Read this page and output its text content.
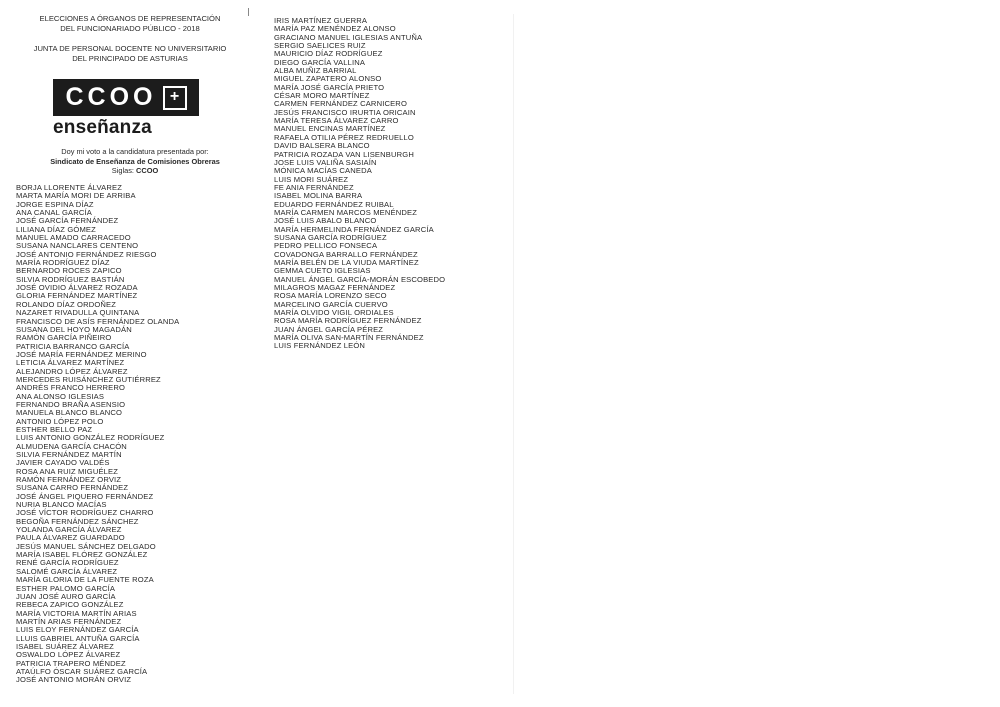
ELECCIONES A ÓRGANOS DE REPRESENTACIÓN
DEL FUNCIONARIADO PÚBLICO - 2018
JUNTA DE PERSONAL DOCENTE NO UNIVERSITARIO
DEL PRINCIPADO DE ASTURIAS
CCOO +
enseñanza
Doy mi voto a la candidatura presentada por:
Sindicato de Enseñanza de Comisiones Obreras
Siglas: CCOO
BORJA LLORENTE ÁLVAREZ
MARTA MARÍA MORI DE ARRIBA
JORGE ESPINA DÍAZ
ANA CANAL GARCÍA
JOSÉ GARCÍA FERNÁNDEZ
LILIANA DÍAZ GÓMEZ
MANUEL AMADO CARRACEDO
SUSANA NANCLARES CENTENO
JOSÉ ANTONIO FERNÁNDEZ RIESGO
MARÍA RODRÍGUEZ DÍAZ
BERNARDO ROCES ZAPICO
SILVIA RODRÍGUEZ BASTIÁN
JOSÉ OVIDIO ÁLVAREZ ROZADA
GLORIA FERNÁNDEZ MARTÍNEZ
ROLANDO DÍAZ ORDOÑEZ
NAZARET RIVADULLA QUINTANA
FRANCISCO DE ASÍS FERNÁNDEZ OLANDA
SUSANA DEL HOYO MAGADÁN
RAMÓN GARCÍA PIÑEIRO
PATRICIA BARRANCO GARCÍA
JOSÉ MARÍA FERNÁNDEZ MERINO
LETICIA ÁLVAREZ MARTÍNEZ
ALEJANDRO LÓPEZ ÁLVAREZ
MERCEDES RUISÁNCHEZ GUTIÉRREZ
ANDRÉS FRANCO HERRERO
ANA ALONSO IGLESIAS
FERNANDO BRAÑA ASENSIO
MANUELA BLANCO BLANCO
ANTONIO LÓPEZ POLO
ESTHER BELLO PAZ
LUIS ANTONIO GONZÁLEZ RODRÍGUEZ
ALMUDENA GARCÍA CHACÓN
SILVIA FERNÁNDEZ MARTÍN
JAVIER CAYADO VALDÉS
ROSA ANA RUIZ MIGUÉLEZ
RAMÓN FERNÁNDEZ ORVIZ
SUSANA CARRO FERNÁNDEZ
JOSÉ ÁNGEL PIQUERO FERNÁNDEZ
NURIA BLANCO MACÍAS
JOSÉ VÍCTOR RODRÍGUEZ CHARRO
BEGOÑA FERNÁNDEZ SÁNCHEZ
YOLANDA GARCÍA ÁLVAREZ
PAULA ÁLVAREZ GUARDADO
JESÚS MANUEL SÁNCHEZ DELGADO
MARÍA ISABEL FLÓREZ GONZÁLEZ
RENÉ GARCÍA RODRÍGUEZ
SALOMÉ GARCÍA ÁLVAREZ
MARÍA GLORIA DE LA FUENTE ROZA
ESTHER PALOMO GARCÍA
JUAN JOSÉ AURO GARCÍA
REBECA ZAPICO GONZÁLEZ
MARÍA VICTORIA MARTÍN ARIAS
MARTÍN ARIAS FERNÁNDEZ
LUIS ELOY FERNÁNDEZ GARCÍA
LLUIS GABRIEL ANTUÑA GARCÍA
ISABEL SUÁREZ ÁLVAREZ
OSWALDO LÓPEZ ÁLVAREZ
PATRICIA TRAPERO MÉNDEZ
ATAÚLFO ÓSCAR SUÁREZ GARCÍA
JOSÉ ANTONIO MORÁN ORVIZ
IRIS MARTÍNEZ GUERRA
MARÍA PAZ MENÉNDEZ ALONSO
GRACIANO MANUEL IGLESIAS ANTUÑA
SERGIO SAELICES RUIZ
MAURICIO DÍAZ RODRÍGUEZ
DIEGO GARCÍA VALLINA
ALBA MUÑIZ BARRIAL
MIGUEL ZAPATERO ALONSO
MARÍA JOSÉ GARCÍA PRIETO
CÉSAR MORO MARTÍNEZ
CARMEN FERNÁNDEZ CARNICERO
JESÚS FRANCISCO IRURTIA ORICAIN
MARÍA TERESA ÁLVAREZ CARRO
MANUEL ENCINAS MARTÍNEZ
RAFAELA OTILIA PÉREZ REDRUELLO
DAVID BALSERA BLANCO
PATRICIA ROZADA VAN LISENBURGH
JOSE LUIS VALIÑA SASIAÍN
MÓNICA MACÍAS CANEDA
LUIS MORI SUÁREZ
FE ANIA FERNÁNDEZ
ISABEL MOLINA BARRA
EDUARDO FERNÁNDEZ RUIBAL
MARÍA CARMEN MARCOS MENÉNDEZ
JOSÉ LUIS ABALO BLANCO
MARÍA HERMELINDA FERNÁNDEZ GARCÍA
SUSANA GARCÍA RODRÍGUEZ
PEDRO PELLICO FONSECA
COVADONGA BARRALLO FERNÁNDEZ
MARÍA BELÉN DE LA VIUDA MARTÍNEZ
GEMMA CUETO IGLESIAS
MANUEL ÁNGEL GARCÍA-MORÁN ESCOBEDO
MILAGROS MAGAZ FERNÁNDEZ
ROSA MARÍA LORENZO SECO
MARCELINO GARCÍA CUERVO
MARÍA OLVIDO VIGIL ORDIALES
ROSA MARÍA RODRÍGUEZ FERNÁNDEZ
JUAN ÁNGEL GARCÍA PÉREZ
MARÍA OLIVA SAN-MARTÍN FERNÁNDEZ
LUIS FERNÁNDEZ LEÓN
